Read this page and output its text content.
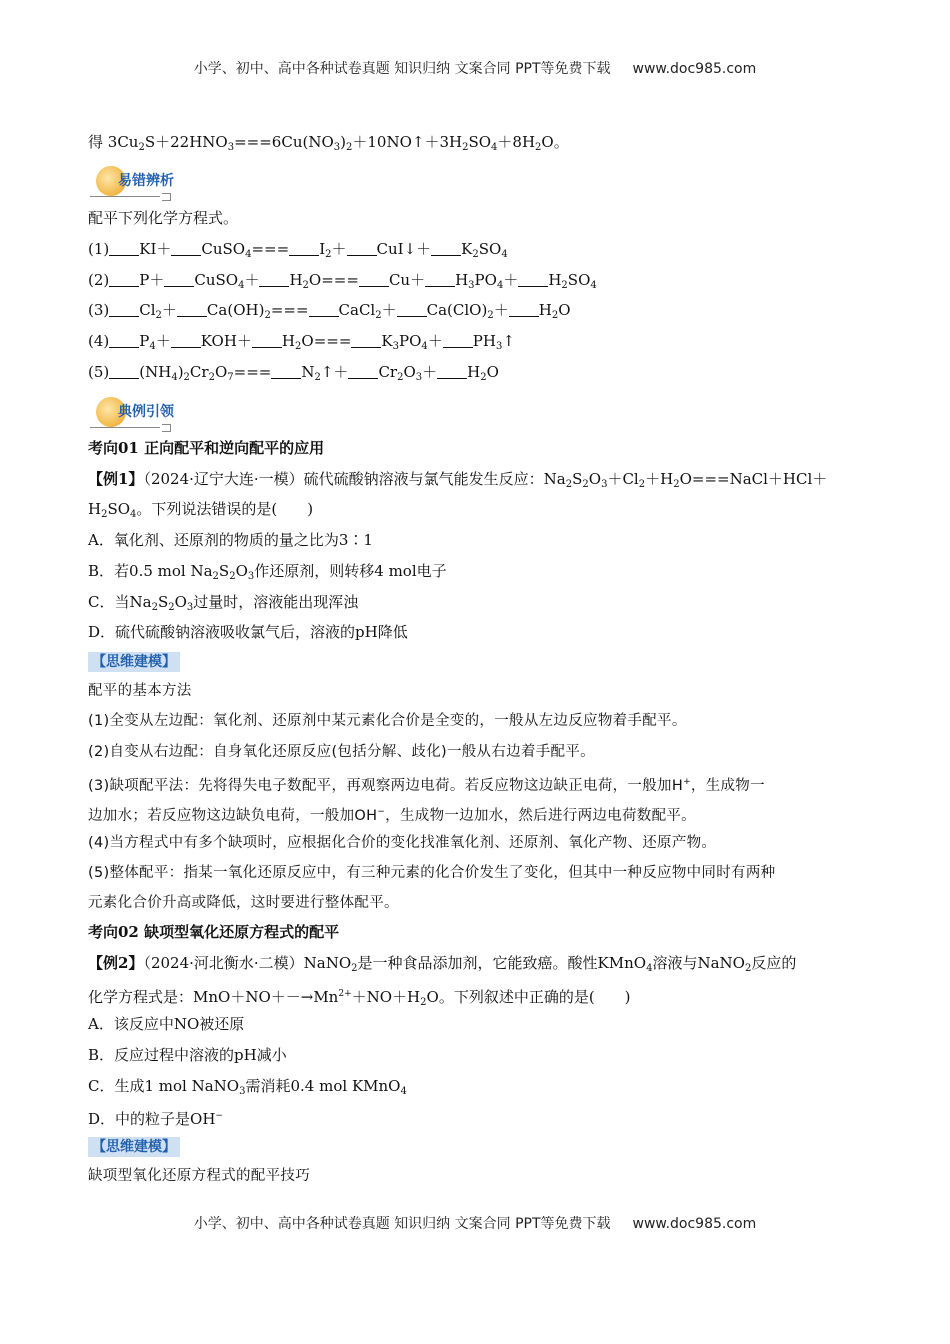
小学、初中、高中各种试卷真题 知识归纳 文案合同 PPT等免费下载 www.doc985.com
得 $3Cu_2S+22HNO_3===6Cu(NO_3)_2+10NO↑+3H_2SO_4+8H_2O$。
易错辨析
配平下列化学方程式。
(1) KI＋ CuSO$_4$=== $I_2+$ CuI↓＋ $K_2SO_4$
(2) P＋ CuSO$_4$＋ $H_2O=== Cu+ H_3PO_4+ H_2SO_4$
(3) $Cl_2+ Ca(OH)_2===$ CaCl$_2$＋ $Ca(ClO)_2+ H_2O$
(4) $P_4+ KOH+ H_2O=== K_3PO_4+$ $PH_3↑$
(5) $(NH_4)_2Cr_2O_7===$ $N_2↑+ Cr_2O_3+ H_2O$
典例引领
考向01 正向配平和逆向配平的应用
【例1】（2024·辽宁大连·一模）硫代硫酸钠溶液与氯气能发生反应：$Na_2S_2O_3+Cl_2+H_2O===NaCl+HCl+$
$H_2SO_4$。下列说法错误的是(　　)
A．氧化剂、还原剂的物质的量之比为3∶1
B．若0.5 mol $Na_2S_2O_3$作还原剂，则转移4 mol电子
C．当$Na_2S_2O_3$过量时，溶液能出现浑浊
D．硫代硫酸钠溶液吸收氯气后，溶液的pH降低
【思维建模】
配平的基本方法
(1)全变从左边配：氧化剂、还原剂中某元素化合价是全变的，一般从左边反应物着手配平。
(2)自变从右边配：自身氧化还原反应(包括分解、歧化)一般从右边着手配平。
(3)缺项配平法：先将得失电子数配平，再观察两边电荷。若反应物这边缺正电荷，一般加H+，生成物一
边加水；若反应物这边缺负电荷，一般加OH−，生成物一边加水，然后进行两边电荷数配平。
(4)当方程式中有多个缺项时，应根据化合价的变化找准氧化剂、还原剂、氧化产物、还原产物。
(5)整体配平：指某一氧化还原反应中，有三种元素的化合价发生了变化，但其中一种反应物中同时有两种
元素化合价升高或降低，这时要进行整体配平。
考向02 缺项型氧化还原方程式的配平
【例2】（2024·河北衡水·二模）NaNO$_2$是一种食品添加剂，它能致癌。酸性KMnO$_4$溶液与NaNO$_2$反应的
化学方程式是：$MnO+NO+-\to Mn^{2+}+NO+H_2O$。下列叙述中正确的是(　　)
A．该反应中NO被还原
B．反应过程中溶液的pH减小
C．生成1 mol NaNO$_3$需消耗0.4 mol KMnO$_4$
D．中的粒子是OH−
【思维建模】
缺项型氧化还原方程式的配平技巧
小学、初中、高中各种试卷真题 知识归纳 文案合同 PPT等免费下载 www.doc985.com
